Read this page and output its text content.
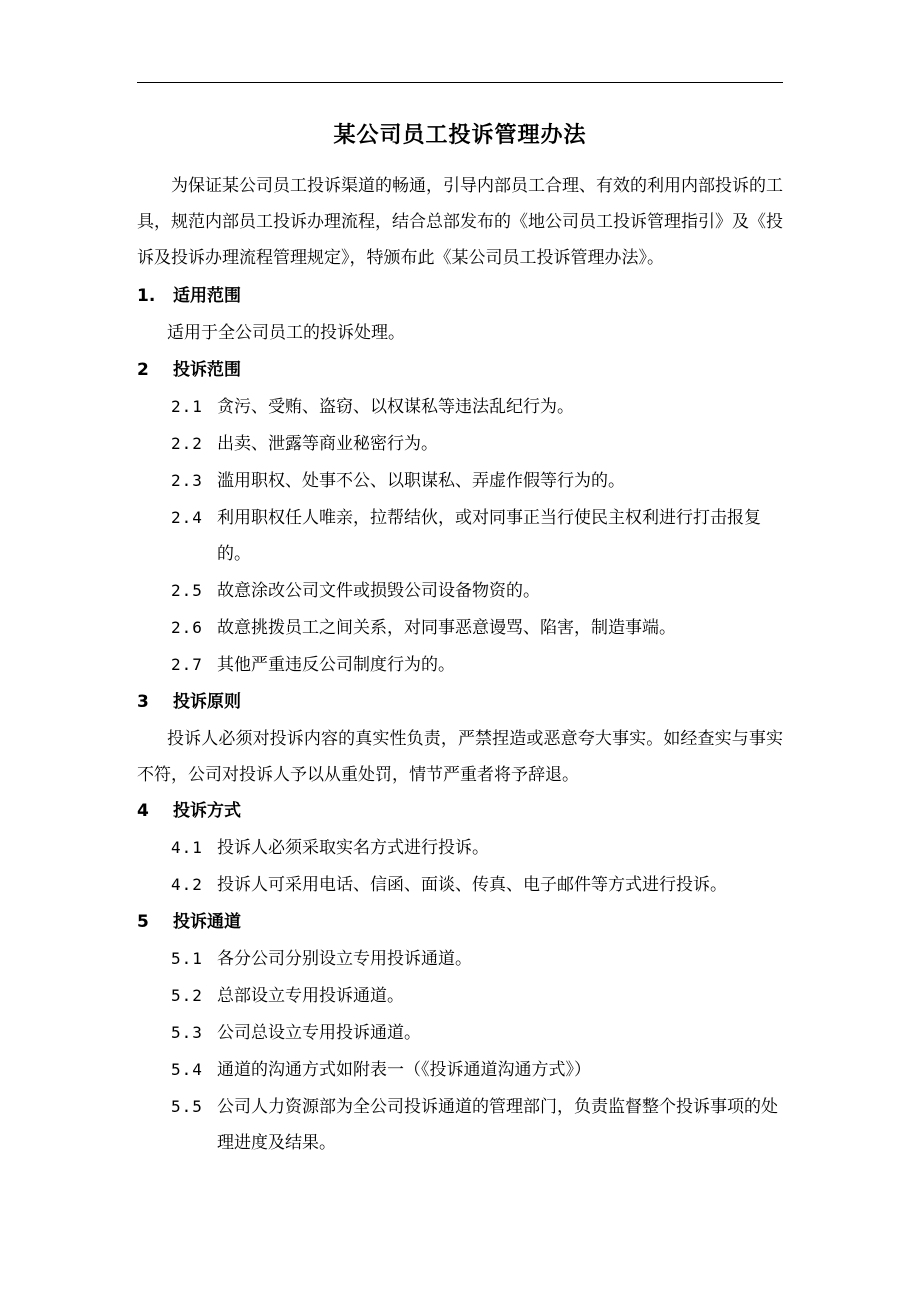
某公司员工投诉管理办法

为保证某公司员工投诉渠道的畅通，引导内部员工合理、有效的利用内部投诉的工具，规范内部员工投诉办理流程，结合总部发布的《地公司员工投诉管理指引》及《投诉及投诉办理流程管理规定》，特颁布此《某公司员工投诉管理办法》。

1.	适用范围

适用于全公司员工的投诉处理。

2	投诉范围
2.1 贪污、受贿、盗窃、以权谋私等违法乱纪行为。
2.2 出卖、泄露等商业秘密行为。
2.3 滥用职权、处事不公、以职谋私、弄虚作假等行为的。
2.4 利用职权任人唯亲，拉帮结伙，或对同事正当行使民主权利进行打击报复的。
2.5 故意涂改公司文件或损毁公司设备物资的。
2.6 故意挑拨员工之间关系，对同事恶意谩骂、陷害，制造事端。
2.7 其他严重违反公司制度行为的。
3	投诉原则

投诉人必须对投诉内容的真实性负责，严禁捏造或恶意夸大事实。如经查实与事实不符，公司对投诉人予以从重处罚，情节严重者将予辞退。

4	投诉方式
4.1 投诉人必须采取实名方式进行投诉。
4.2 投诉人可采用电话、信函、面谈、传真、电子邮件等方式进行投诉。
5	投诉通道
5.1 各分公司分别设立专用投诉通道。
5.2 总部设立专用投诉通道。
5.3 公司总设立专用投诉通道。
5.4 通道的沟通方式如附表一（《投诉通道沟通方式》）
5.5 公司人力资源部为全公司投诉通道的管理部门，负责监督整个投诉事项的处理进度及结果。
